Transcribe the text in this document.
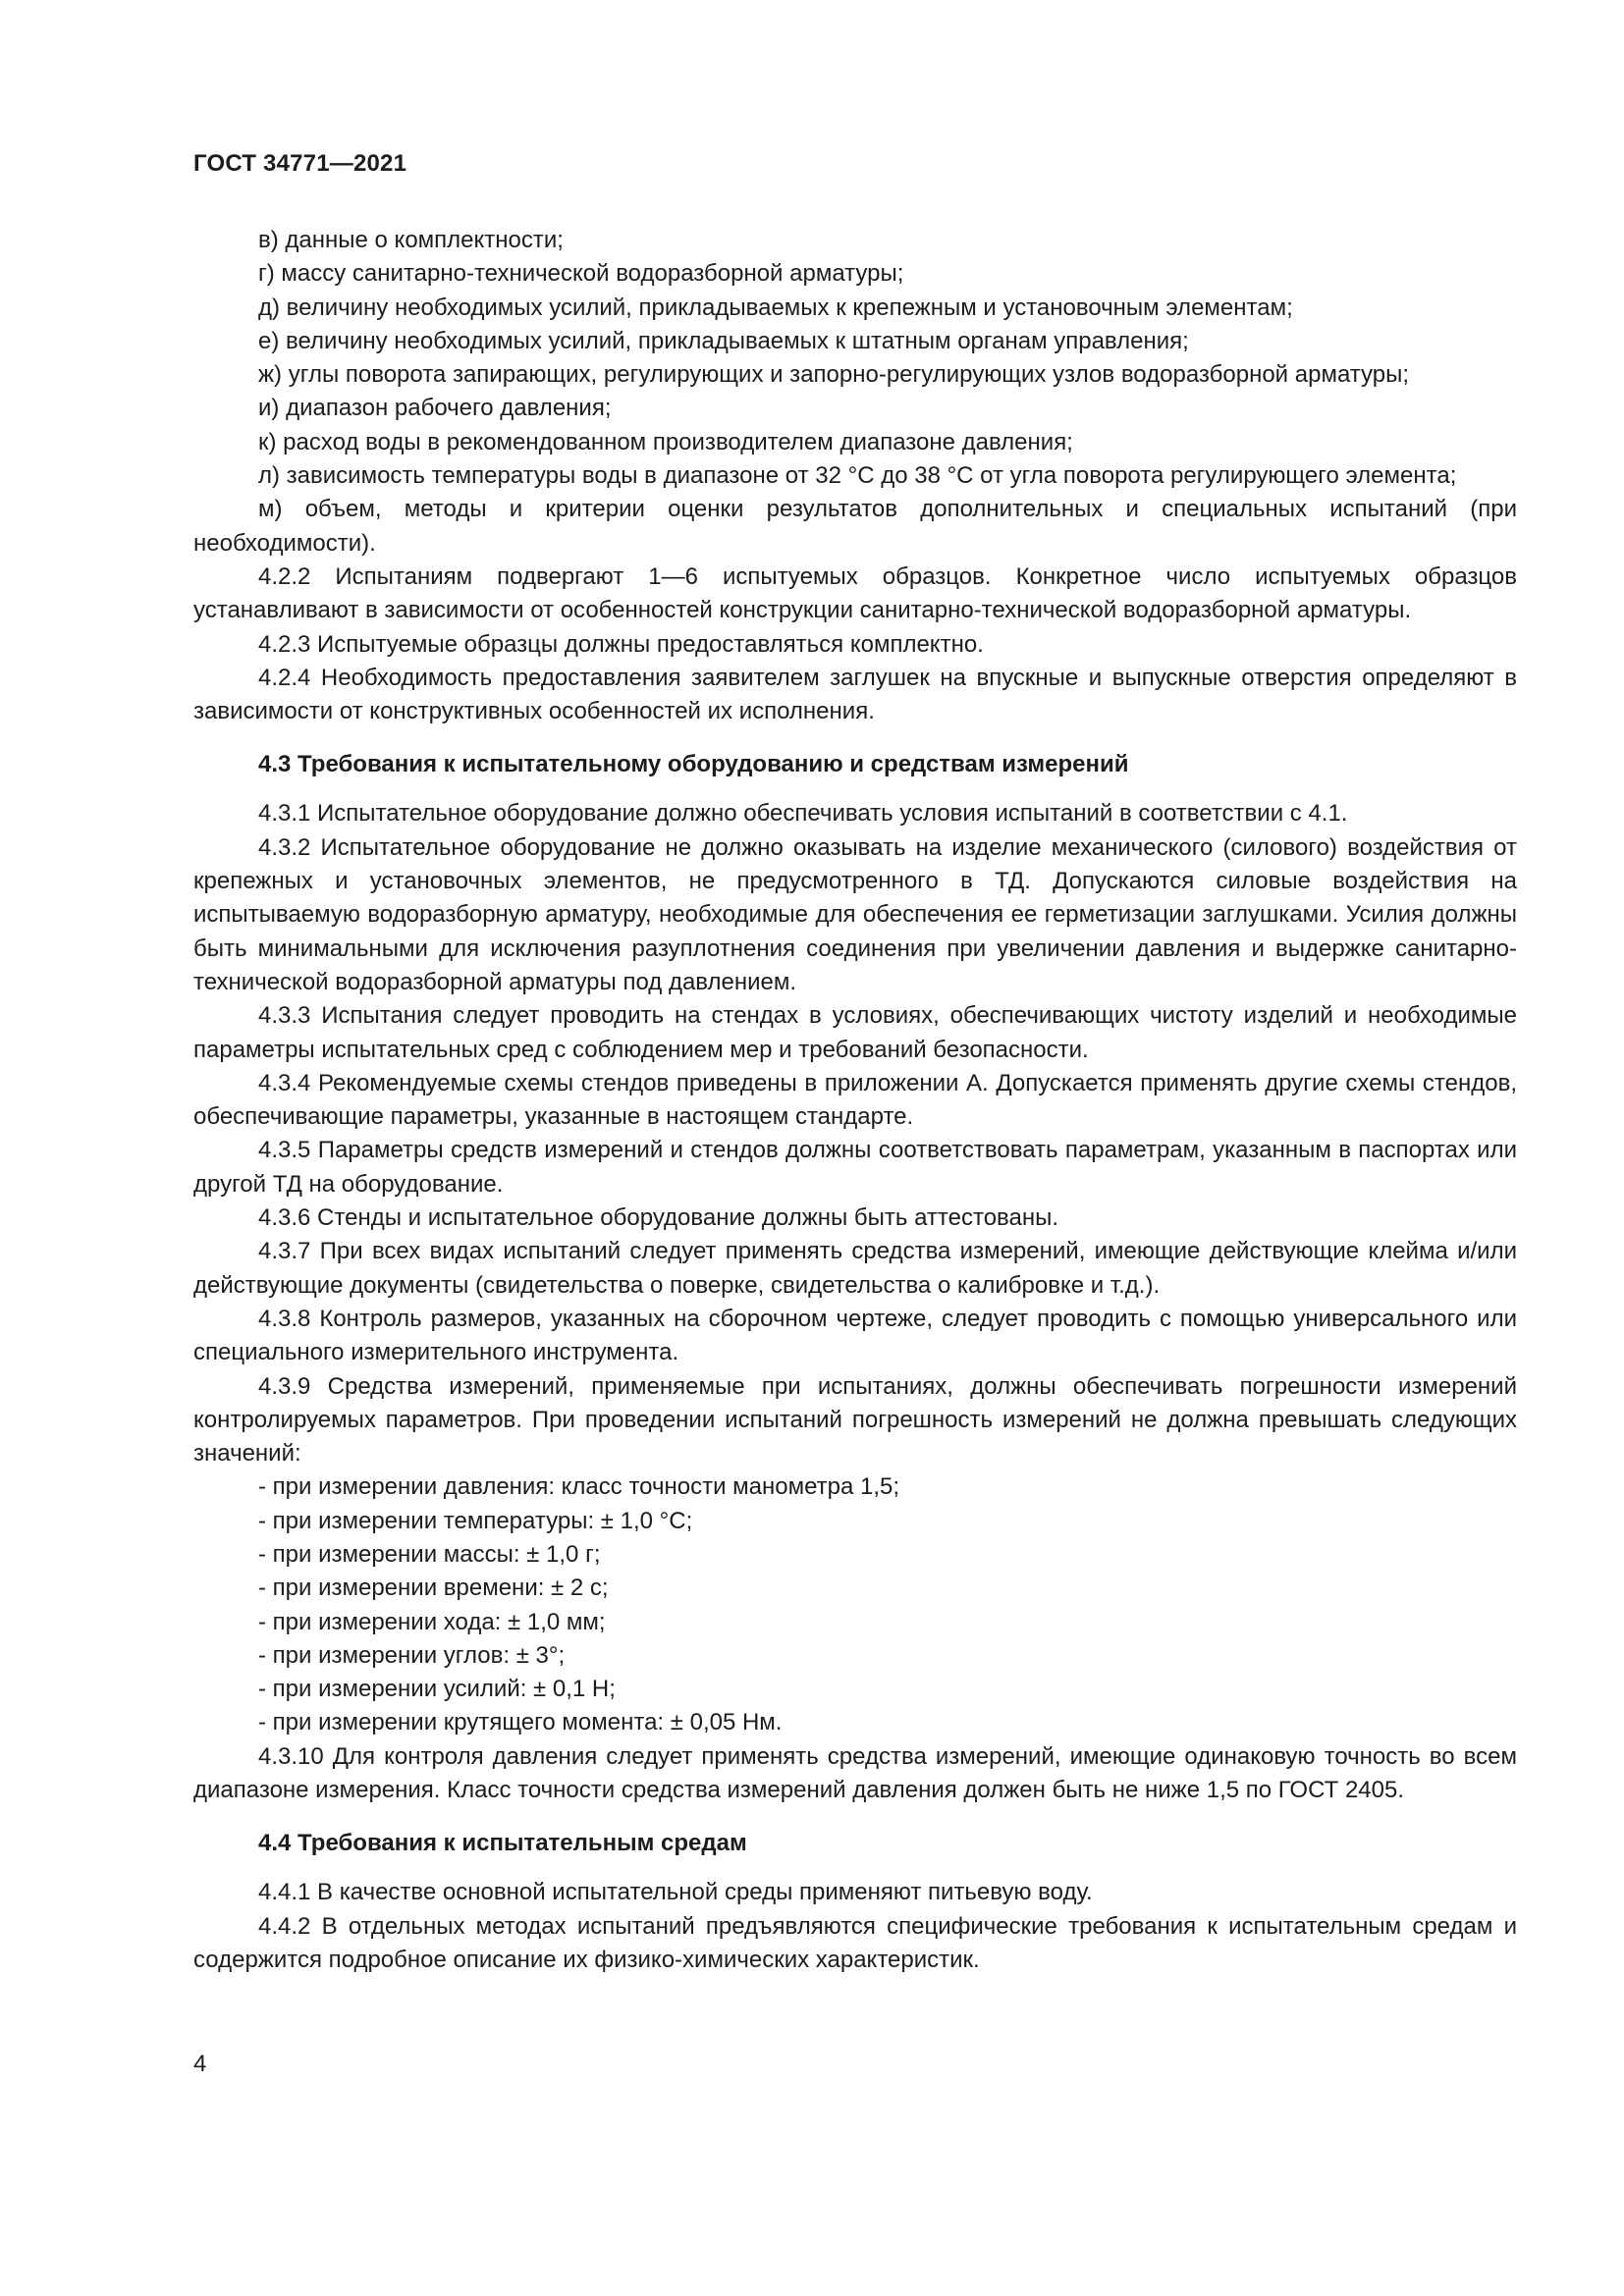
ГОСТ 34771—2021

в) данные о комплектности;

г) массу санитарно-технической водоразборной арматуры;

д) величину необходимых усилий, прикладываемых к крепежным и установочным элементам;

е) величину необходимых усилий, прикладываемых к штатным органам управления;

ж) углы поворота запирающих, регулирующих и запорно-регулирующих узлов водоразборной арматуры;

и) диапазон рабочего давления;

к) расход воды в рекомендованном производителем диапазоне давления;

л) зависимость температуры воды в диапазоне от 32 °С до 38 °С от угла поворота регулирующего элемента;

м) объем, методы и критерии оценки результатов дополнительных и специальных испытаний (при необходимости).

4.2.2 Испытаниям подвергают 1—6 испытуемых образцов. Конкретное число испытуемых образцов устанавливают в зависимости от особенностей конструкции санитарно-технической водоразборной арматуры.

4.2.3 Испытуемые образцы должны предоставляться комплектно.

4.2.4 Необходимость предоставления заявителем заглушек на впускные и выпускные отверстия определяют в зависимости от конструктивных особенностей их исполнения.

4.3 Требования к испытательному оборудованию и средствам измерений

4.3.1 Испытательное оборудование должно обеспечивать условия испытаний в соответствии с 4.1.

4.3.2 Испытательное оборудование не должно оказывать на изделие механического (силового) воздействия от крепежных и установочных элементов, не предусмотренного в ТД. Допускаются силовые воздействия на испытываемую водоразборную арматуру, необходимые для обеспечения ее герметизации заглушками. Усилия должны быть минимальными для исключения разуплотнения соединения при увеличении давления и выдержке санитарно-технической водоразборной арматуры под давлением.

4.3.3 Испытания следует проводить на стендах в условиях, обеспечивающих чистоту изделий и необходимые параметры испытательных сред с соблюдением мер и требований безопасности.

4.3.4 Рекомендуемые схемы стендов приведены в приложении А. Допускается применять другие схемы стендов, обеспечивающие параметры, указанные в настоящем стандарте.

4.3.5 Параметры средств измерений и стендов должны соответствовать параметрам, указанным в паспортах или другой ТД на оборудование.

4.3.6 Стенды и испытательное оборудование должны быть аттестованы.

4.3.7 При всех видах испытаний следует применять средства измерений, имеющие действующие клейма и/или действующие документы (свидетельства о поверке, свидетельства о калибровке и т.д.).

4.3.8 Контроль размеров, указанных на сборочном чертеже, следует проводить с помощью универсального или специального измерительного инструмента.

4.3.9 Средства измерений, применяемые при испытаниях, должны обеспечивать погрешности измерений контролируемых параметров. При проведении испытаний погрешность измерений не должна превышать следующих значений:

- при измерении давления: класс точности манометра 1,5;

- при измерении температуры: ± 1,0 °С;

- при измерении массы: ± 1,0 г;

- при измерении времени: ± 2 с;

- при измерении хода: ± 1,0 мм;

- при измерении углов: ± 3°;

- при измерении усилий: ± 0,1 Н;

- при измерении крутящего момента: ± 0,05 Нм.

4.3.10 Для контроля давления следует применять средства измерений, имеющие одинаковую точность во всем диапазоне измерения. Класс точности средства измерений давления должен быть не ниже 1,5 по ГОСТ 2405.

4.4 Требования к испытательным средам

4.4.1 В качестве основной испытательной среды применяют питьевую воду.

4.4.2 В отдельных методах испытаний предъявляются специфические требования к испытательным средам и содержится подробное описание их физико-химических характеристик.

4
